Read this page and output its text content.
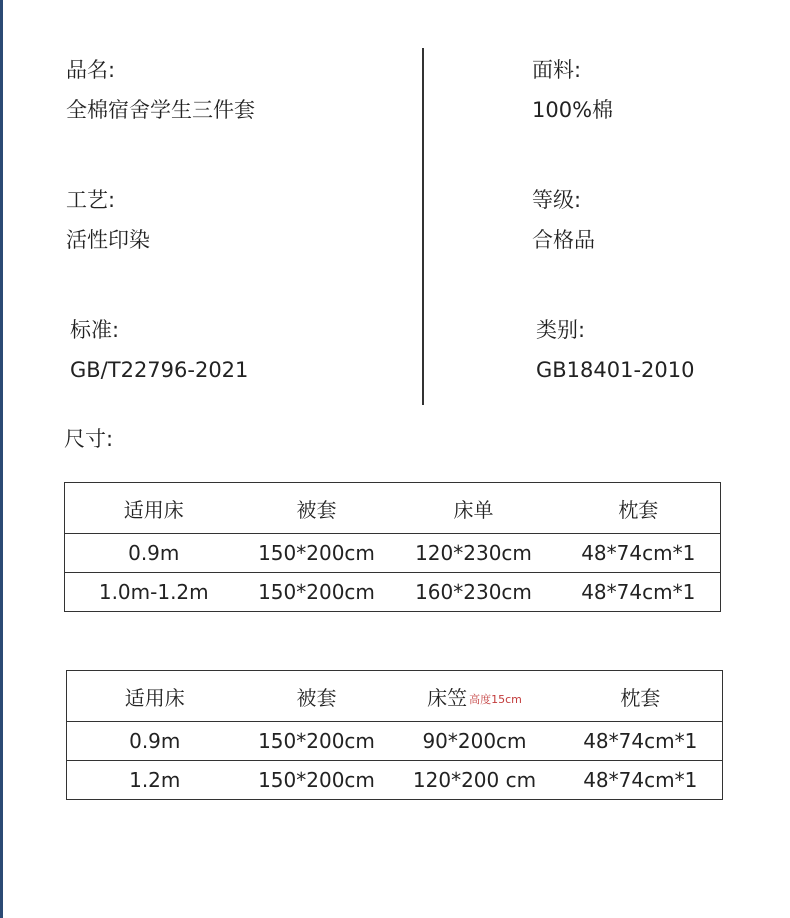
品名:
全棉宿舍学生三件套
面料:
100%棉
工艺:
活性印染
等级:
合格品
标准:
GB/T22796-2021
类别:
GB18401-2010
尺寸:
适用床	被套	床单	枕套
0.9m	150*200cm	120*230cm	48*74cm*1
1.0m-1.2m	150*200cm	160*230cm	48*74cm*1
适用床	被套	床笠 高度15cm	枕套
0.9m	150*200cm	90*200cm	48*74cm*1
1.2m	150*200cm	120*200 cm	48*74cm*1
